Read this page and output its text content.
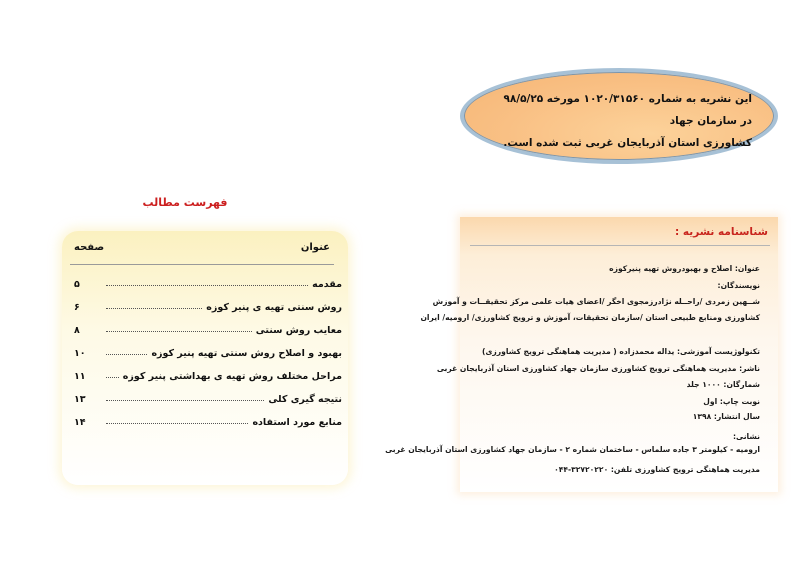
این نشریه به شماره ۱۰۲۰/۳۱۵۶۰ مورخه ۹۸/۵/۲۵ در سازمان جهاد
کشاورزی استان آذربایجان غربی ثبت شده است.
فهرست مطالب
عنوان
صفحه
مقدمه
۵
روش سنتی تهیه ی پنیر کوزه
۶
معایب روش سنتی
۸
بهبود و اصلاح روش سنتی تهیه پنیر کوزه
۱۰
مراحل مختلف روش تهیه ی بهداشتی پنیر کوزه
۱۱
نتیجه گیری کلی
۱۳
منابع مورد استفاده
۱۴
شناسنامه نشریه :
عنوان: اصلاح و بهبودروش تهیه پنیرکوزه
نویسندگان:
شــهین زمردی /راحــله نژادرزمجوی اخگر /اعضای هیات علمی مرکز تحقیقــات و آموزش
کشاورزی ومنابع طبیعی استان /سازمان تحقیقات، آموزش و ترویج کشاورزی/ ارومیه/ ایران
تکنولوژیست آموزشی: یداله محمدزاده ( مدیریت هماهنگی ترویج کشاورزی)
ناشر: مدیریت هماهنگی ترویج کشاورزی سازمان جهاد کشاورزی استان آذربایجان غربی
شمارگان: ۱۰۰۰ جلد
نوبت چاپ: اول
سال انتشار: ۱۳۹۸
نشانی:
ارومیه - کیلومتر ۳ جاده سلماس - ساختمان شماره ۲ - سازمان جهاد کشاورزی استان آذربایجان غربی
مدیریت هماهنگی ترویج کشاورزی تلفن: ۳۲۷۲۰۲۲۰-۰۴۴
